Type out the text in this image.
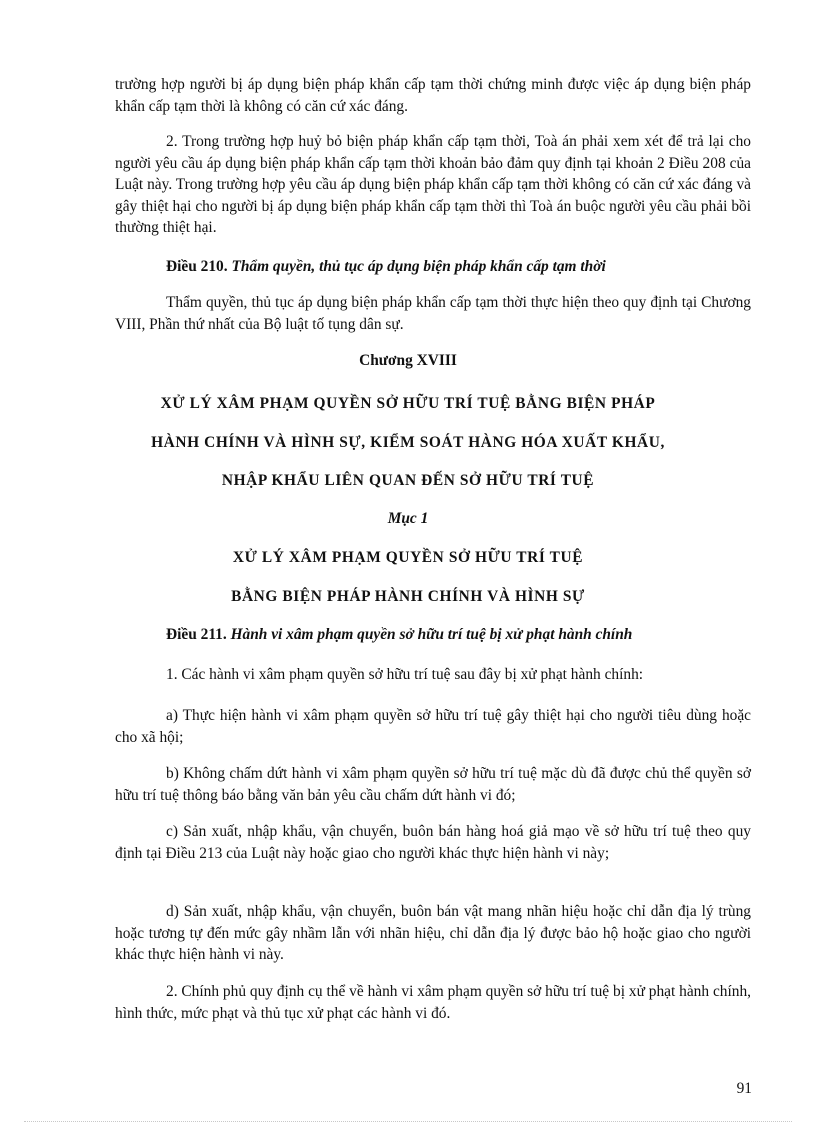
trường hợp người bị áp dụng biện pháp khẩn cấp tạm thời chứng minh được việc áp dụng biện pháp khẩn cấp tạm thời là không có căn cứ xác đáng.

2. Trong trường hợp huỷ bỏ biện pháp khẩn cấp tạm thời, Toà án phải xem xét để trả lại cho người yêu cầu áp dụng biện pháp khẩn cấp tạm thời khoản bảo đảm quy định tại khoản 2 Điều 208 của Luật này. Trong trường hợp yêu cầu áp dụng biện pháp khẩn cấp tạm thời không có căn cứ xác đáng và gây thiệt hại cho người bị áp dụng biện pháp khẩn cấp tạm thời thì Toà án buộc người yêu cầu phải bồi thường thiệt hại.

Điều 210. Thẩm quyền, thủ tục áp dụng biện pháp khẩn cấp tạm thời

Thẩm quyền, thủ tục áp dụng biện pháp khẩn cấp tạm thời thực hiện theo quy định tại Chương VIII, Phần thứ nhất của Bộ luật tố tụng dân sự.

Chương XVIII

XỬ LÝ XÂM PHẠM QUYỀN SỞ HỮU TRÍ TUỆ BẰNG BIỆN PHÁP

HÀNH CHÍNH VÀ HÌNH SỰ, KIỂM SOÁT HÀNG HÓA XUẤT KHẨU,

NHẬP KHẨU LIÊN QUAN ĐẾN SỞ HỮU TRÍ TUỆ

Mục 1

XỬ LÝ XÂM PHẠM QUYỀN SỞ HỮU TRÍ TUỆ

BẰNG BIỆN PHÁP HÀNH CHÍNH VÀ HÌNH SỰ

Điều 211. Hành vi xâm phạm quyền sở hữu trí tuệ bị xử phạt hành chính

1. Các hành vi xâm phạm quyền sở hữu trí tuệ sau đây bị xử phạt hành chính:

a) Thực hiện hành vi xâm phạm quyền sở hữu trí tuệ gây thiệt hại cho người tiêu dùng hoặc cho xã hội;

b) Không chấm dứt hành vi xâm phạm quyền sở hữu trí tuệ mặc dù đã được chủ thể quyền sở hữu trí tuệ thông báo bằng văn bản yêu cầu chấm dứt hành vi đó;

c) Sản xuất, nhập khẩu, vận chuyển, buôn bán hàng hoá giả mạo về sở hữu trí tuệ theo quy định tại Điều 213 của Luật này hoặc giao cho người khác thực hiện hành vi này;

d) Sản xuất, nhập khẩu, vận chuyển, buôn bán vật mang nhãn hiệu hoặc chỉ dẫn địa lý trùng hoặc tương tự đến mức gây nhầm lẫn với nhãn hiệu, chỉ dẫn địa lý được bảo hộ hoặc giao cho người khác thực hiện hành vi này.

2. Chính phủ quy định cụ thể về hành vi xâm phạm quyền sở hữu trí tuệ bị xử phạt hành chính, hình thức, mức phạt và thủ tục xử phạt các hành vi đó.

91
